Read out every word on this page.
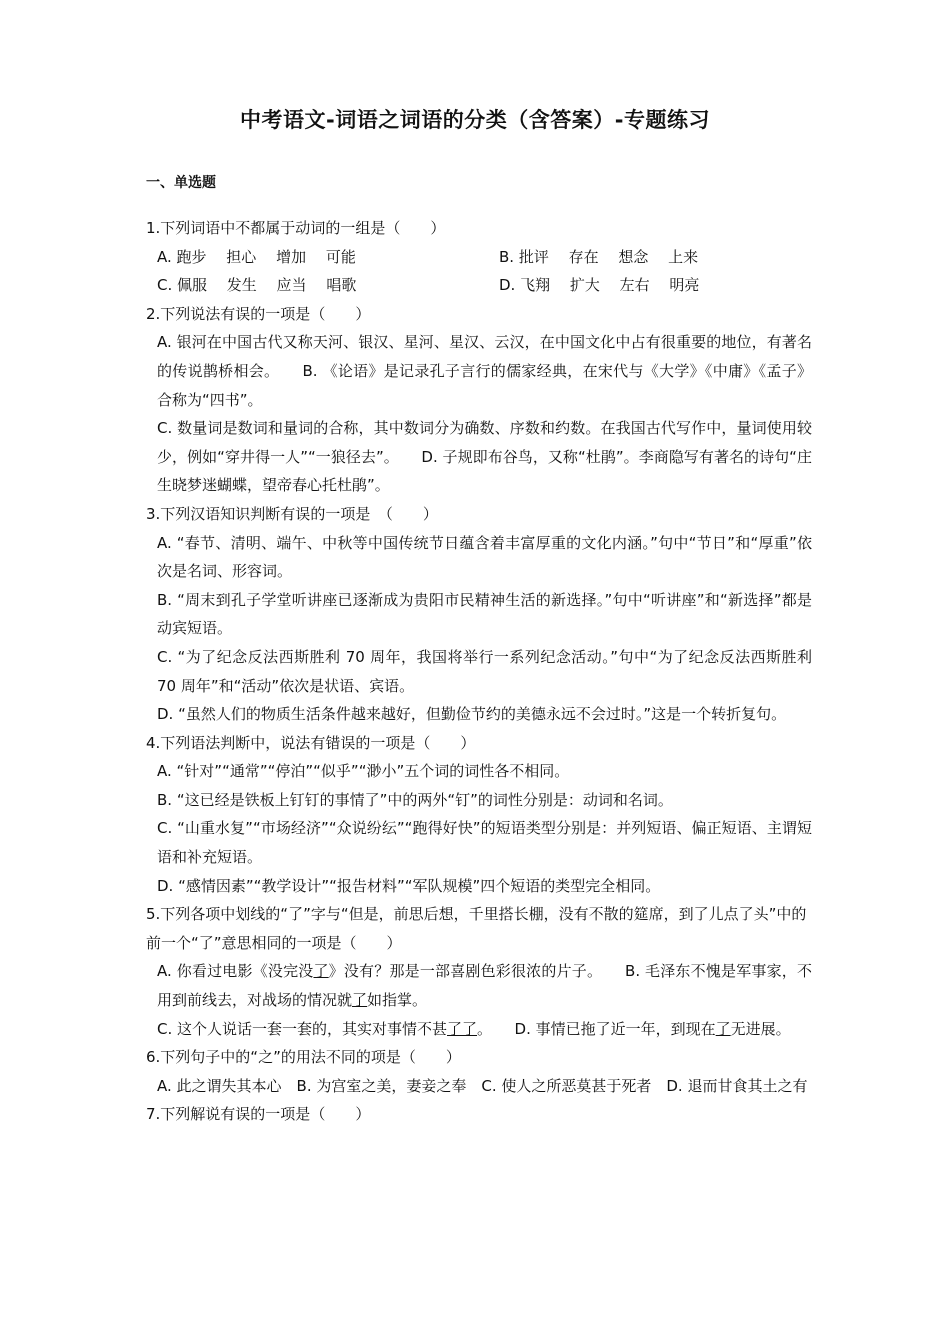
中考语文-词语之词语的分类（含答案）-专题练习
一、单选题
1.下列词语中不都属于动词的一组是（　　）
A. 跑步　 担心　 增加　 可能	B. 批评　 存在　 想念　 上来
C. 佩服　 发生　 应当　 唱歌	D. 飞翔　 扩大　 左右　 明亮
2.下列说法有误的一项是（　　）
A. 银河在中国古代又称天河、银汉、星河、星汉、云汉，在中国文化中占有很重要的地位，有著名的传说鹊桥相会。　　B. 《论语》是记录孔子言行的儒家经典，在宋代与《大学》《中庸》《孟子》合称为“四书”。
C. 数量词是数词和量词的合称，其中数词分为确数、序数和约数。在我国古代写作中，量词使用较少，例如“穿井得一人”“一狼径去”。　　D. 子规即布谷鸟，又称“杜鹃”。李商隐写有著名的诗句“庄生晓梦迷蝴蝶，望帝春心托杜鹃”。
3.下列汉语知识判断有误的一项是　（　　）
A. “春节、清明、端午、中秋等中国传统节日蕴含着丰富厚重的文化内涵。”句中“节日”和“厚重”依次是名词、形容词。
B. “周末到孔子学堂听讲座已逐渐成为贵阳市民精神生活的新选择。”句中“听讲座”和“新选择”都是动宾短语。
C. “为了纪念反法西斯胜利 70 周年，我国将举行一系列纪念活动。”句中“为了纪念反法西斯胜利 70 周年”和“活动”依次是状语、宾语。
D. “虽然人们的物质生活条件越来越好，但勤俭节约的美德永远不会过时。”这是一个转折复句。
4.下列语法判断中，说法有错误的一项是（　　）
A. “针对”“通常”“停泊”“似乎”“渺小”五个词的词性各不相同。
B. “这已经是铁板上钉钉的事情了”中的两外“钉”的词性分别是：动词和名词。
C. “山重水复”“市场经济”“众说纷纭”“跑得好快”的短语类型分别是：并列短语、偏正短语、主谓短语和补充短语。
D. “感情因素”“教学设计”“报告材料”“军队规模”四个短语的类型完全相同。
5.下列各项中划线的“了”字与“但是，前思后想，千里搭长棚，没有不散的筵席，到了儿点了头”中的前一个“了”意思相同的一项是（　　）
A. 你看过电影《没完没了》没有？那是一部喜剧色彩很浓的片子。　　B. 毛泽东不愧是军事家，不用到前线去，对战场的情况就了如指掌。
C. 这个人说话一套一套的，其实对事情不甚了了。　　D. 事情已拖了近一年，到现在了无进展。
6.下列句子中的“之”的用法不同的项是（　　）
A. 此之谓失其本心　B. 为宫室之美，妻妾之奉　C. 使人之所恶莫甚于死者　D. 退而甘食其土之有
7.下列解说有误的一项是（　　）
